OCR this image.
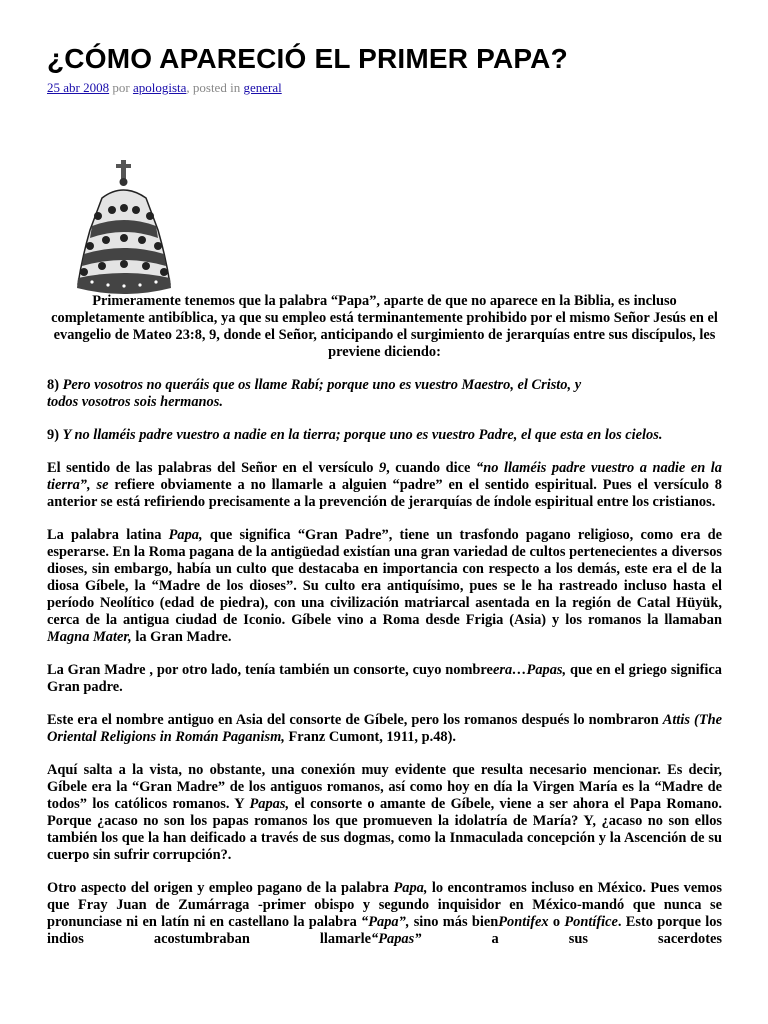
¿CÓMO APARECIÓ EL PRIMER PAPA?
25 abr 2008 por apologista, posted in general

Primeramente tenemos que la palabra “Papa”, aparte de que no aparece en la Biblia, es incluso completamente antibíblica, ya que su empleo está terminantemente prohibido por el mismo Señor Jesús en el evangelio de Mateo 23:8, 9, donde el Señor, anticipando el surgimiento de jerarquías entre sus discípulos, les previene diciendo:

8) Pero vosotros no queráis que os llame Rabí; porque uno es vuestro Maestro, el Cristo, y
todos vosotros sois hermanos.

9) Y no llaméis padre vuestro a nadie en la tierra; porque uno es vuestro Padre, el que esta en los cielos.

El sentido de las palabras del Señor en el versículo 9, cuando dice “no llaméis padre vuestro a nadie en la tierra”, se refiere obviamente a no llamarle a alguien “padre” en el sentido espiritual. Pues el versículo 8 anterior se está refiriendo precisamente a la prevención de jerarquías de índole espiritual entre los cristianos.

La palabra latina Papa, que significa “Gran Padre”, tiene un trasfondo pagano religioso, como era de esperarse. En la Roma pagana de la antigüedad existían una gran variedad de cultos pertenecientes a diversos dioses, sin embargo, había un culto que destacaba en importancia con respecto a los demás, este era el de la diosa Gíbele, la “Madre de los dioses”. Su culto era antiquísimo, pues se le ha rastreado incluso hasta el período Neolítico (edad de piedra), con una civilización matriarcal asentada en la región de Catal Hüyük, cerca de la antigua ciudad de Iconio. Gíbele vino a Roma desde Frigia (Asia) y los romanos la llamaban Magna Mater, la Gran Madre.

La Gran Madre , por otro lado, tenía también un consorte, cuyo nombreera…Papas, que en el griego significa Gran padre.

Este era el nombre antiguo en Asia del consorte de Gíbele, pero los romanos después lo nombraron Attis (The Oriental Religions in Román Paganism, Franz Cumont, 1911, p.48).

Aquí salta a la vista, no obstante, una conexión muy evidente que resulta necesario mencionar. Es decir, Gíbele era la “Gran Madre” de los antiguos romanos, así como hoy en día la Virgen María es la “Madre de todos” los católicos romanos. Y Papas, el consorte o amante de Gíbele, viene a ser ahora el Papa Romano. Porque ¿acaso no son los papas romanos los que promueven la idolatría de María? Y, ¿acaso no son ellos también los que la han deificado a través de sus dogmas, como la Inmaculada concepción y la Ascención de su cuerpo sin sufrir corrupción?.

Otro aspecto del origen y empleo pagano de la palabra Papa, lo encontramos incluso en México. Pues vemos que Fray Juan de Zumárraga -primer obispo y segundo inquisidor en México-mandó que nunca se pronunciase ni en latín ni en castellano la palabra “Papa”, sino más bienPontifex o Pontífice. Esto porque los indios acostumbraban llamarle“Papas” a sus sacerdotes
